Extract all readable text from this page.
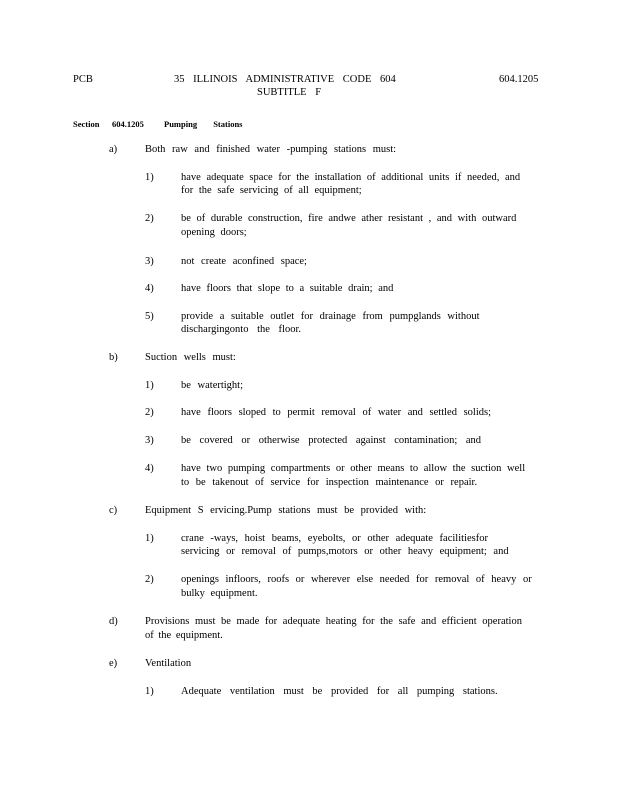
PCB	35 ILLINOIS ADMINISTRATIVE CODE 604
SUBTITLE F
604.1205
Section 604.1205 Pumping Stations
a)	Both raw and finished water -pumping stations must:
1)	have adequate space for the installation of additional units if needed, and
for the safe servicing of all equipment;
2)	be of durable construction, fire andwe ather resistant , and with outward
opening doors;
3)	not create aconfined space;
4)	have floors that slope to a suitable drain; and
5)	provide a suitable outlet for drainage from pumpglands without
dischargingonto the floor.
b)	Suction wells must:
1)	be watertight;
2)	have floors sloped to permit removal of water and settled solids;
3)	be covered or otherwise protected against contamination; and
4)	have two pumping compartments or other means to allow the suction well
to be takenout of service for inspection maintenance or repair.
c)	Equipment S ervicing.Pump stations must be provided with:
1)	crane -ways, hoist beams, eyebolts, or other adequate facilitiesfor
servicing or removal of pumps,motors or other heavy equipment; and
2)	openings infloors, roofs or wherever else needed for removal of heavy or
bulky equipment.
d)	Provisions must be made for adequate heating for the safe and efficient operation
of the equipment.
e)	Ventilation
1)	Adequate ventilation must be provided for all pumping stations.
